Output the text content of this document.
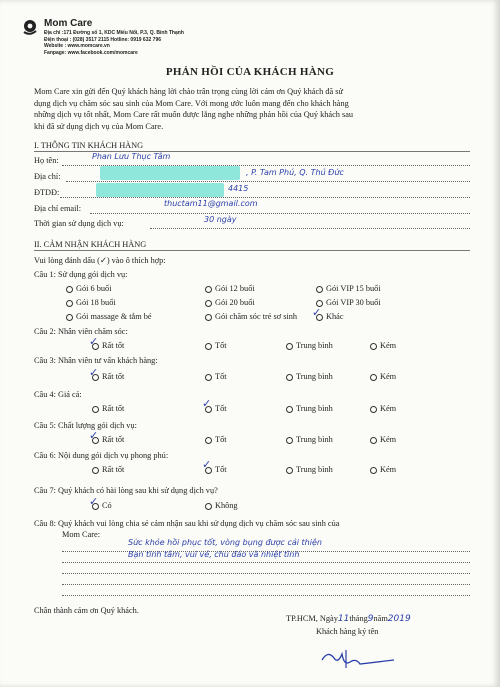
Mom Care
Địa chỉ :171 Đường số 1, KDC Miếu Nổi, P.3, Q. Bình Thạnh
Điện thoại : (028) 3517 2115 Hotline: 0919 632 796
Website : www.momcare.vn
Fanpage: www.facebook.com/momcare
PHẢN HỒI CỦA KHÁCH HÀNG
Mom Care xin gửi đến Quý khách hàng lời chào trân trọng cùng lời cám ơn Quý khách đã sử
dụng dịch vụ chăm sóc sau sinh của Mom Care. Với mong ước luôn mang đến cho khách hàng
những dịch vụ tốt nhất, Mom Care rất muốn được lắng nghe những phản hồi của Quý khách sau
khi đã sử dụng dịch vụ của Mom Care.
I. THÔNG TIN KHÁCH HÀNG
Họ tên:	Phan Lưu Thục Tâm
Địa chỉ:	, P. Tam Phú, Q. Thủ Đức
ĐTDĐ:	4415
Địa chỉ email:
thuctam11@gmail.com
Thời gian sử dụng dịch vụ:	30 ngày
II. CẢM NHẬN KHÁCH HÀNG
Vui lòng đánh dấu (✓) vào ô thích hợp:
Câu 1: Sử dụng gói dịch vụ:
Gói 6 buổi	Gói 12 buổi	Gói VIP 15 buổi
Gói 18 buổi	Gói 20 buổi	Gói VIP 30 buổi
Gói massage & tắm bé	Gói chăm sóc trẻ sơ sinh	Khác
✓
Câu 2: Nhân viên chăm sóc:
Rất tốt	Tốt	Trung bình	Kém
✓
Câu 3: Nhân viên tư vấn khách hàng:
Rất tốt	Tốt	Trung bình	Kém
✓
Câu 4: Giá cả:
Rất tốt	Tốt	Trung bình	Kém
✓
Câu 5: Chất lượng gói dịch vụ:
Rất tốt	Tốt	Trung bình	Kém
✓
Câu 6: Nội dung gói dịch vụ phong phú:
Rất tốt	Tốt	Trung bình	Kém
✓
Câu 7: Quý khách có hài lòng sau khi sử dụng dịch vụ?
Có	Không
✓
Câu 8: Quý khách vui lòng chia sẻ cảm nhận sau khi sử dụng dịch vụ chăm sóc sau sinh của
Mom Care:
Sức khỏe hồi phục tốt, vòng bụng được cải thiện
Bạn tinh tâm, vui vẻ, chu đáo và nhiệt tình
Chân thành cảm ơn Quý khách.
TP.HCM, Ngày11tháng9năm2019
Khách hàng ký tên
